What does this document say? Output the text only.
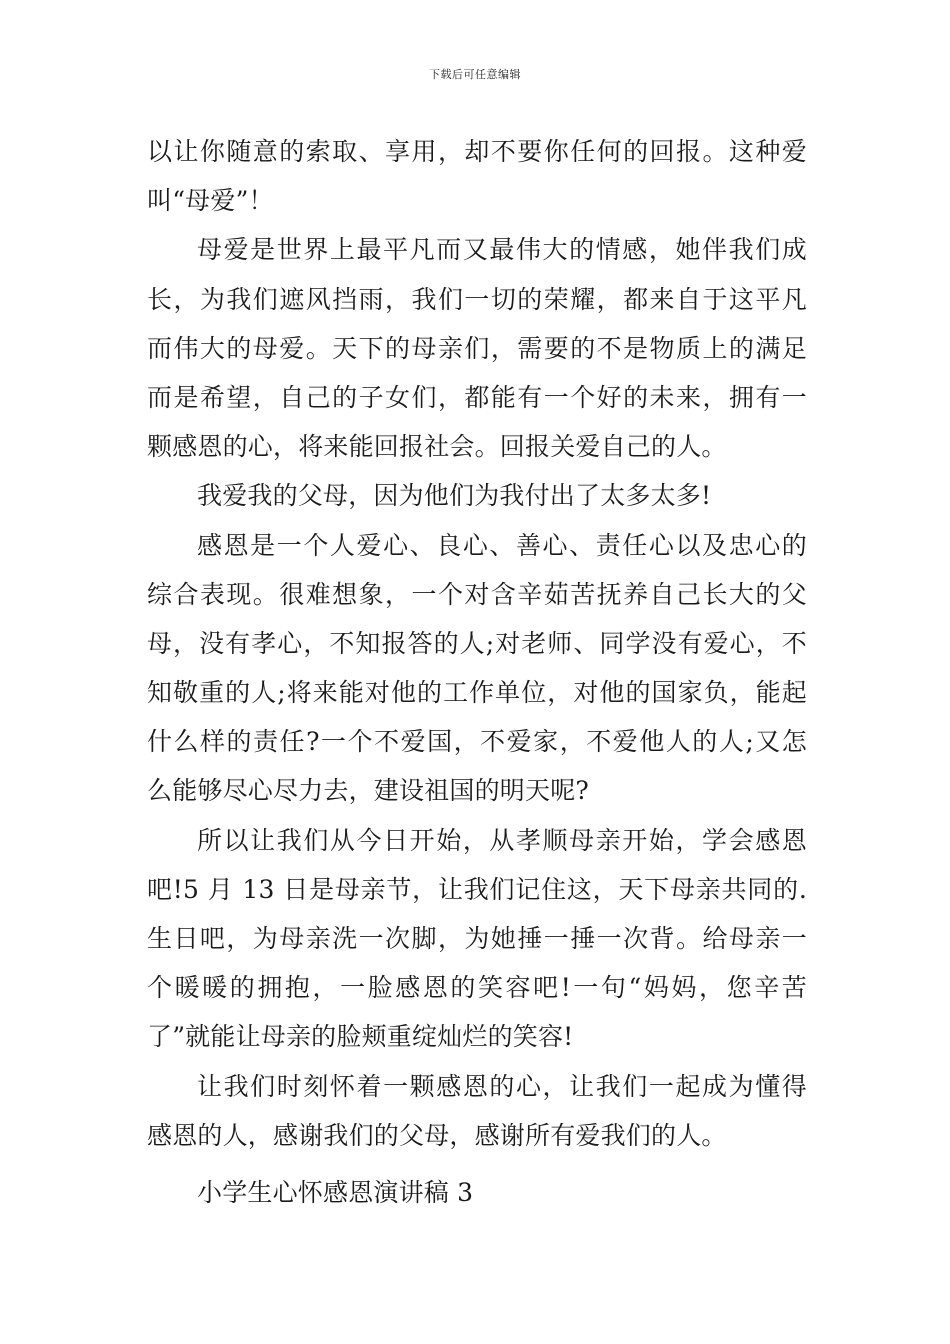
下载后可任意编辑
以让你随意的索取、享用，却不要你任何的回报。这种爱
叫“母爱”！
母爱是世界上最平凡而又最伟大的情感，她伴我们成
长，为我们遮风挡雨，我们一切的荣耀，都来自于这平凡
而伟大的母爱。天下的母亲们，需要的不是物质上的满足
而是希望，自己的子女们，都能有一个好的未来，拥有一
颗感恩的心，将来能回报社会。回报关爱自己的人。
我爱我的父母，因为他们为我付出了太多太多!
感恩是一个人爱心、良心、善心、责任心以及忠心的
综合表现。很难想象，一个对含辛茹苦抚养自己长大的父
母，没有孝心，不知报答的人;对老师、同学没有爱心，不
知敬重的人;将来能对他的工作单位，对他的国家负，能起
什么样的责任?一个不爱国，不爱家，不爱他人的人;又怎
么能够尽心尽力去，建设祖国的明天呢?
所以让我们从今日开始，从孝顺母亲开始，学会感恩
吧!5 月 13 日是母亲节，让我们记住这，天下母亲共同的.
生日吧，为母亲洗一次脚，为她捶一捶一次背。给母亲一
个暖暖的拥抱，一脸感恩的笑容吧!一句“妈妈，您辛苦
了”就能让母亲的脸颊重绽灿烂的笑容!
让我们时刻怀着一颗感恩的心，让我们一起成为懂得
感恩的人，感谢我们的父母，感谢所有爱我们的人。
小学生心怀感恩演讲稿 3
